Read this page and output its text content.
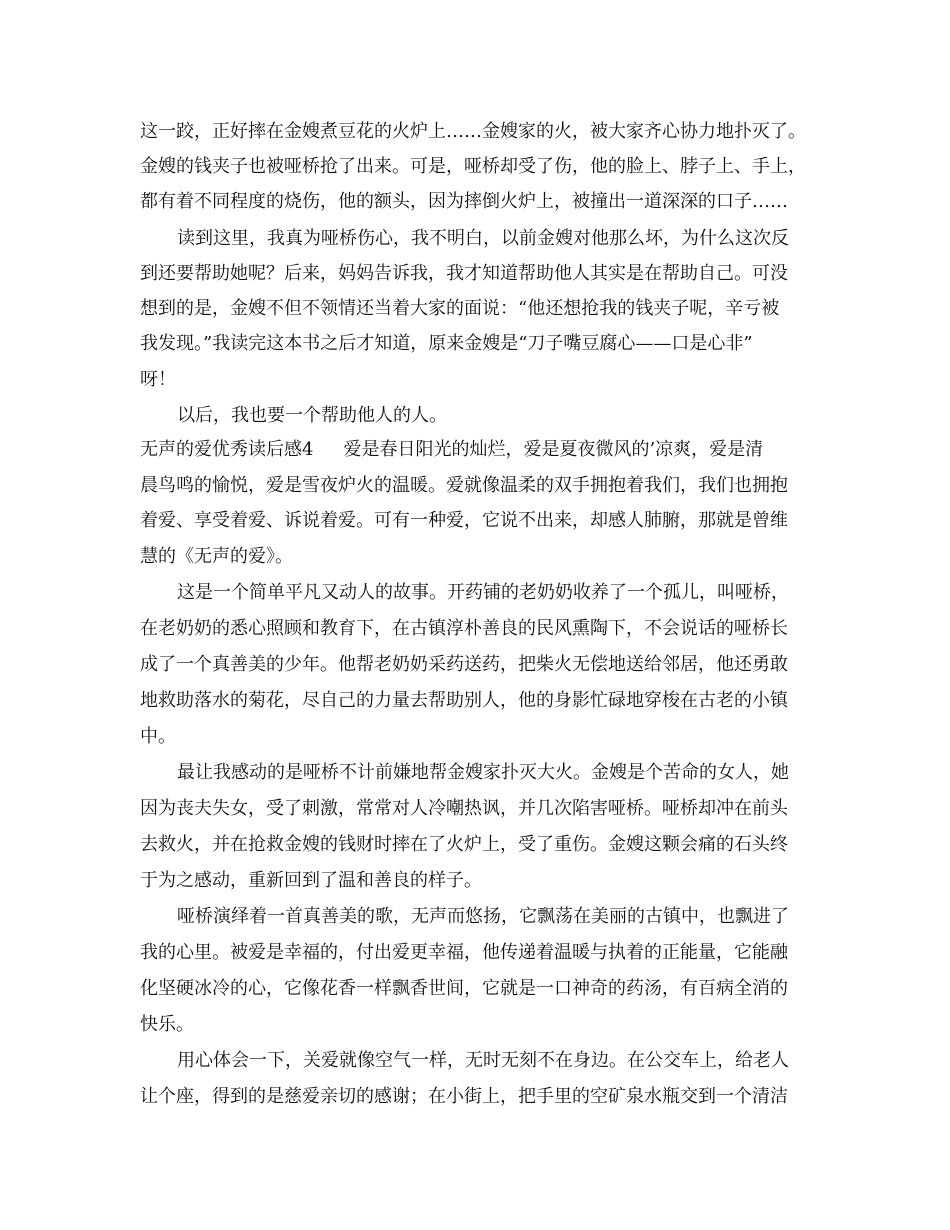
这一跤，正好摔在金嫂煮豆花的火炉上……金嫂家的火，被大家齐心协力地扑灭了。
金嫂的钱夹子也被哑桥抢了出来。可是，哑桥却受了伤，他的脸上、脖子上、手上，
都有着不同程度的烧伤，他的额头，因为摔倒火炉上，被撞出一道深深的口子……
读到这里，我真为哑桥伤心，我不明白，以前金嫂对他那么坏，为什么这次反
到还要帮助她呢？后来，妈妈告诉我，我才知道帮助他人其实是在帮助自己。可没
想到的是，金嫂不但不领情还当着大家的面说：“他还想抢我的钱夹子呢，辛亏被
我发现。”我读完这本书之后才知道，原来金嫂是“刀子嘴豆腐心——口是心非”
呀！
以后，我也要一个帮助他人的人。
无声的爱优秀读后感4 爱是春日阳光的灿烂，爱是夏夜微风的’凉爽，爱是清
晨鸟鸣的愉悦，爱是雪夜炉火的温暖。爱就像温柔的双手拥抱着我们，我们也拥抱
着爱、享受着爱、诉说着爱。可有一种爱，它说不出来，却感人肺腑，那就是曾维
慧的《无声的爱》。
这是一个简单平凡又动人的故事。开药铺的老奶奶收养了一个孤儿，叫哑桥，
在老奶奶的悉心照顾和教育下，在古镇淳朴善良的民风熏陶下，不会说话的哑桥长
成了一个真善美的少年。他帮老奶奶采药送药，把柴火无偿地送给邻居，他还勇敢
地救助落水的菊花，尽自己的力量去帮助别人，他的身影忙碌地穿梭在古老的小镇
中。
最让我感动的是哑桥不计前嫌地帮金嫂家扑灭大火。金嫂是个苦命的女人，她
因为丧夫失女，受了刺激，常常对人冷嘲热讽，并几次陷害哑桥。哑桥却冲在前头
去救火，并在抢救金嫂的钱财时摔在了火炉上，受了重伤。金嫂这颗会痛的石头终
于为之感动，重新回到了温和善良的样子。
哑桥演绎着一首真善美的歌，无声而悠扬，它飘荡在美丽的古镇中，也飘进了
我的心里。被爱是幸福的，付出爱更幸福，他传递着温暖与执着的正能量，它能融
化坚硬冰冷的心，它像花香一样飘香世间，它就是一口神奇的药汤，有百病全消的
快乐。
用心体会一下，关爱就像空气一样，无时无刻不在身边。在公交车上，给老人
让个座，得到的是慈爱亲切的感谢；在小街上，把手里的空矿泉水瓶交到一个清洁
